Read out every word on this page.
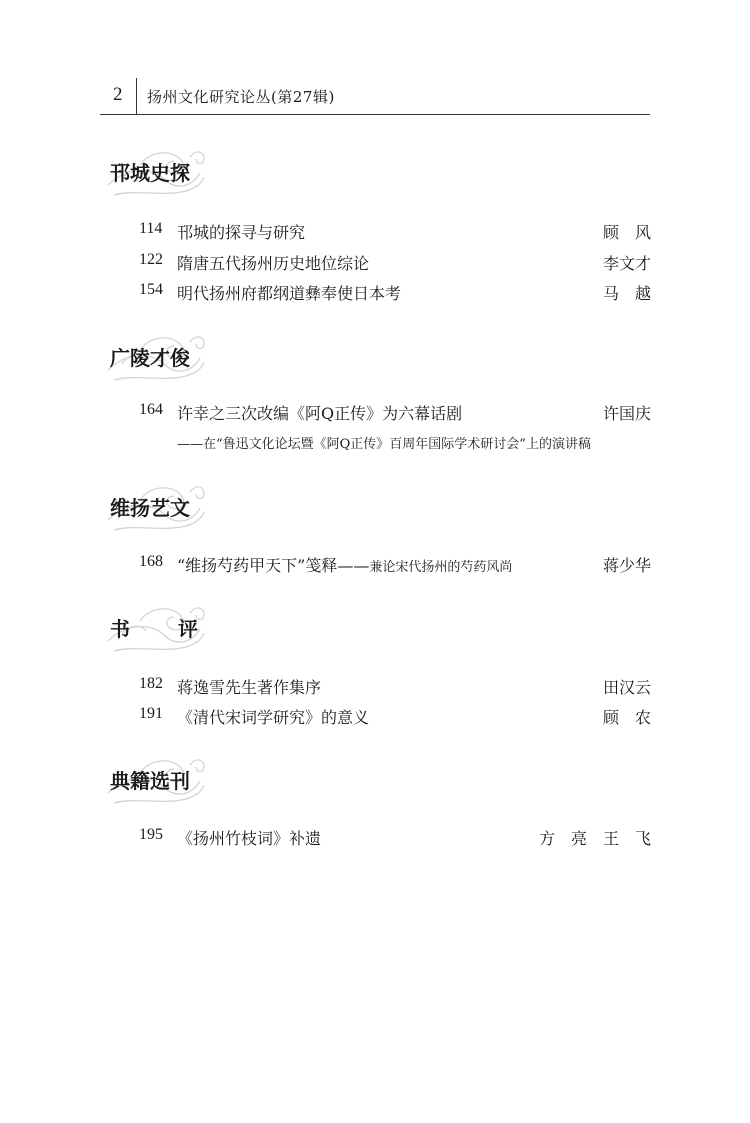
2 扬州文化研究论丛(第27辑)
邗城史探
114 邗城的探寻与研究	顾　风
122 隋唐五代扬州历史地位综论	李文才
154 明代扬州府都纲道彝奉使日本考	马　越
广陵才俊
164 许幸之三次改编《阿Q正传》为六幕话剧	许国庆
——在“鲁迅文化论坛暨《阿Q正传》百周年国际学术研讨会”上的演讲稿
维扬艺文
168 “维扬芍药甲天下”笺释——兼论宋代扬州的芍药风尚	蒋少华
书　评
182 蒋逸雪先生著作集序	田汉云
191 《清代宋词学研究》的意义	顾　农
典籍选刊
195 《扬州竹枝词》补遗	方　亮　王　飞
